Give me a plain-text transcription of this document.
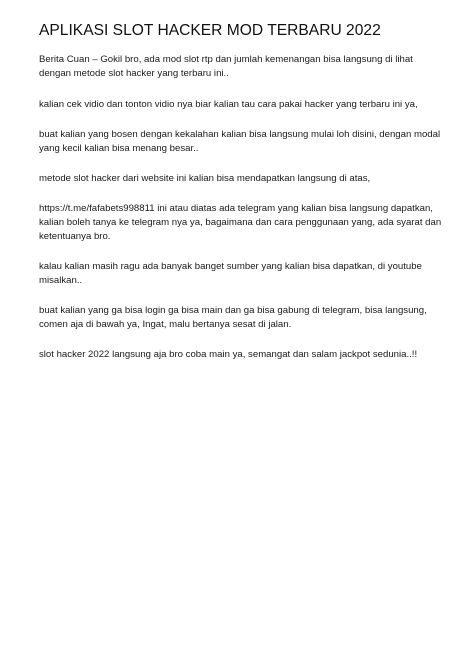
APLIKASI SLOT HACKER MOD TERBARU 2022

Berita Cuan – Gokil bro, ada mod slot rtp dan jumlah kemenangan bisa langsung di lihat dengan metode slot hacker yang terbaru ini..

kalian cek vidio dan tonton vidio nya biar kalian tau cara pakai hacker yang terbaru ini ya,

buat kalian yang bosen dengan kekalahan kalian bisa langsung mulai loh disini, dengan modal yang kecil kalian bisa menang besar..

metode slot hacker dari website ini kalian bisa mendapatkan langsung di atas,

https://t.me/fafabets998811 ini atau diatas ada telegram yang kalian bisa langsung dapatkan, kalian boleh tanya ke telegram nya ya, bagaimana dan cara penggunaan yang, ada syarat dan ketentuanya bro.

kalau kalian masih ragu ada banyak banget sumber yang kalian bisa dapatkan, di youtube misalkan..

buat kalian yang ga bisa login ga bisa main dan ga bisa gabung di telegram, bisa langsung, comen aja di bawah ya, Ingat, malu bertanya sesat di jalan.

slot hacker 2022 langsung aja bro coba main ya, semangat dan salam jackpot sedunia..!!
